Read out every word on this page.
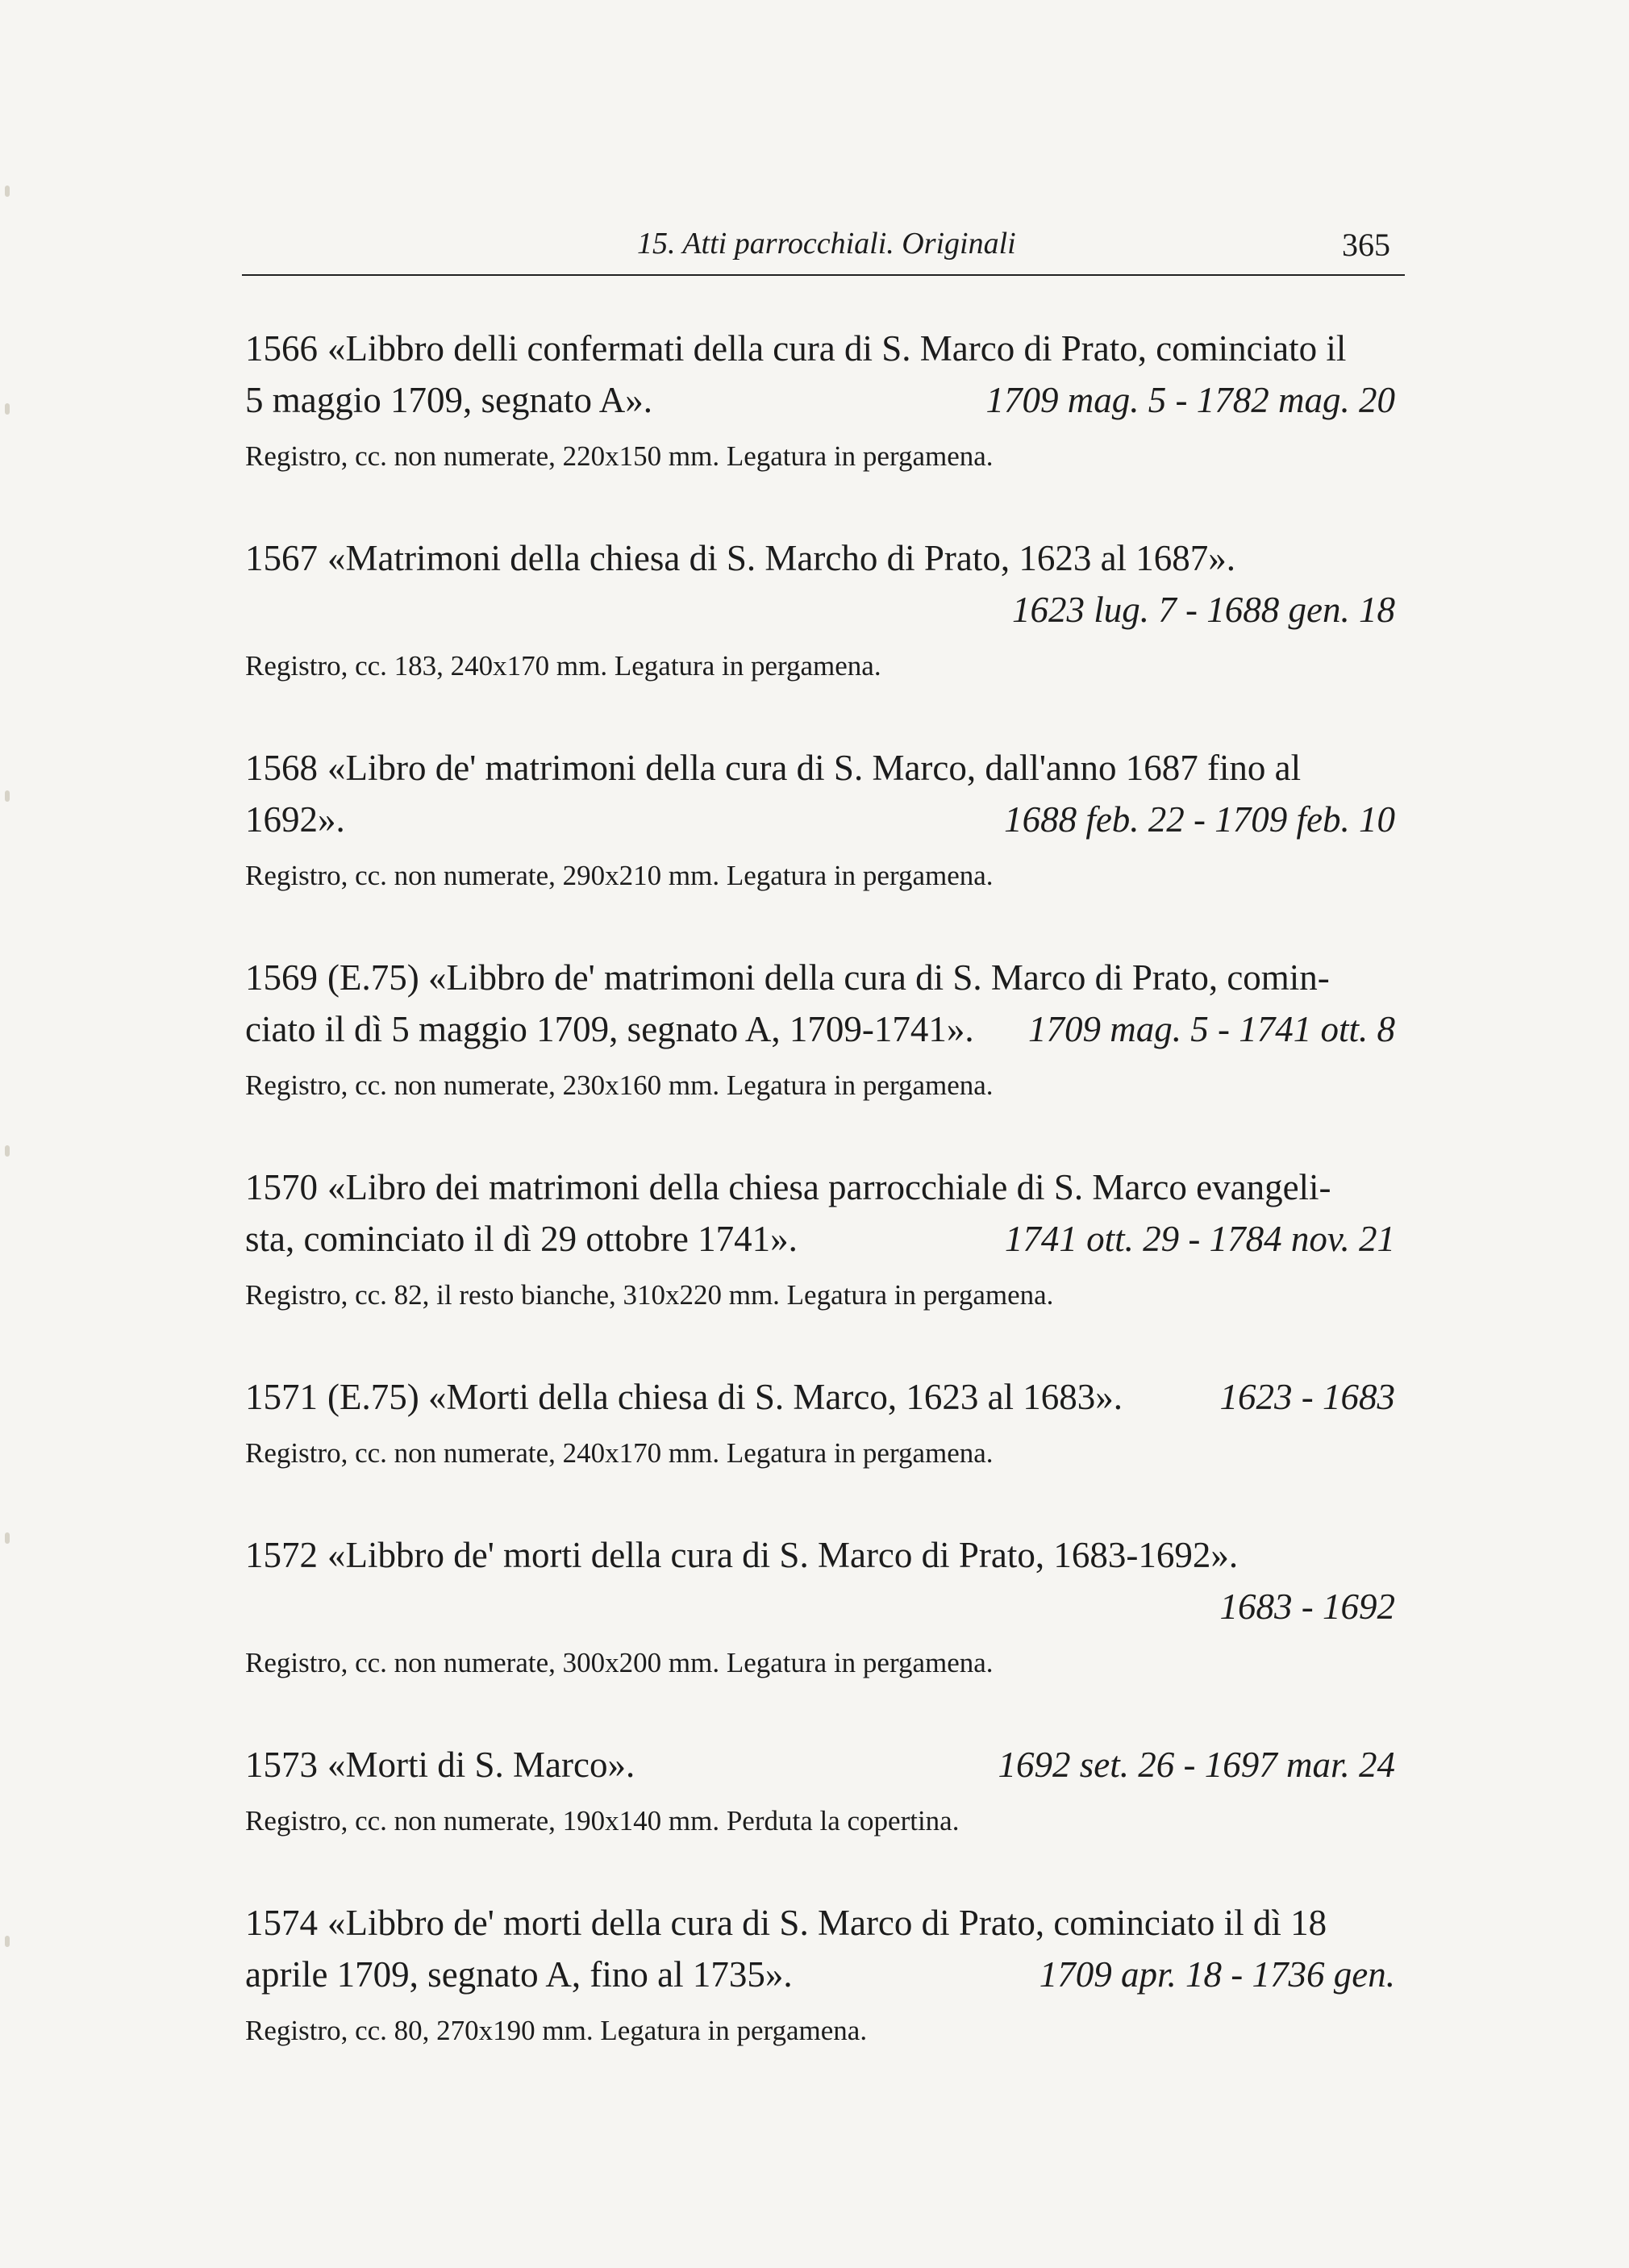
15. Atti parrocchiali. Originali	365

1566 «Libbro delli confermati della cura di S. Marco di Prato, cominciato il
5 maggio 1709, segnato A».	1709 mag. 5 - 1782 mag. 20

Registro, cc. non numerate, 220x150 mm. Legatura in pergamena.

1567 «Matrimoni della chiesa di S. Marcho di Prato, 1623 al 1687».
1623 lug. 7 - 1688 gen. 18

Registro, cc. 183, 240x170 mm. Legatura in pergamena.

1568 «Libro de' matrimoni della cura di S. Marco, dall'anno 1687 fino al
1692».	1688 feb. 22 - 1709 feb. 10

Registro, cc. non numerate, 290x210 mm. Legatura in pergamena.

1569 (E.75) «Libbro de' matrimoni della cura di S. Marco di Prato, comin-
ciato il dì 5 maggio 1709, segnato A, 1709-1741». 1709 mag. 5 - 1741 ott. 8

Registro, cc. non numerate, 230x160 mm. Legatura in pergamena.

1570 «Libro dei matrimoni della chiesa parrocchiale di S. Marco evangeli-
sta, cominciato il dì 29 ottobre 1741».	1741 ott. 29 - 1784 nov. 21

Registro, cc. 82, il resto bianche, 310x220 mm. Legatura in pergamena.

1571 (E.75) «Morti della chiesa di S. Marco, 1623 al 1683».	1623 - 1683

Registro, cc. non numerate, 240x170 mm. Legatura in pergamena.

1572 «Libbro de' morti della cura di S. Marco di Prato, 1683-1692».
1683 - 1692

Registro, cc. non numerate, 300x200 mm. Legatura in pergamena.

1573 «Morti di S. Marco».	1692 set. 26 - 1697 mar. 24

Registro, cc. non numerate, 190x140 mm. Perduta la copertina.

1574 «Libbro de' morti della cura di S. Marco di Prato, cominciato il dì 18
aprile 1709, segnato A, fino al 1735».	1709 apr. 18 - 1736 gen.

Registro, cc. 80, 270x190 mm. Legatura in pergamena.
